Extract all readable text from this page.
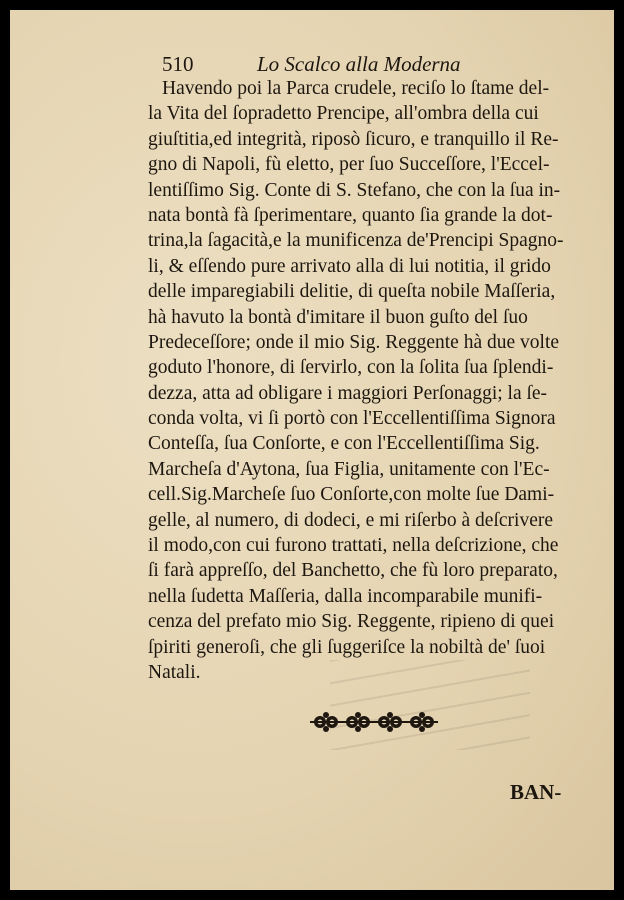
510	Lo Scalco alla Moderna
Havendo poi la Parca crudele, reciſo lo ſtame del-
la Vita del ſopradetto Prencipe, all'ombra della cui
giuſtitia,ed integrità, riposò ſicuro, e tranquillo il Re-
gno di Napoli, fù eletto, per ſuo Succeſſore, l'Eccel-
lentiſſimo Sig. Conte di S. Stefano, che con la ſua in-
nata bontà fà ſperimentare, quanto ſia grande la dot-
trina,la ſagacità,e la munificenza de'Prencipi Spagno-
li, & eſſendo pure arrivato alla di lui notitia, il grido
delle imparegiabili delitie, di queſta nobile Maſſeria,
hà havuto la bontà d'imitare il buon guſto del ſuo
Predeceſſore; onde il mio Sig. Reggente hà due volte
goduto l'honore, di ſervirlo, con la ſolita ſua ſplendi-
dezza, atta ad obligare i maggiori Perſonaggi; la ſe-
conda volta, vi ſi portò con l'Eccellentiſſima Signora
Conteſſa, ſua Conſorte, e con l'Eccellentiſſima Sig.
Marcheſa d'Aytona, ſua Figlia, unitamente con l'Ec-
cell.Sig.Marcheſe ſuo Conſorte,con molte ſue Dami-
gelle, al numero, di dodeci, e mi riſerbo à deſcrivere
il modo,con cui furono trattati, nella deſcrizione, che
ſi farà appreſſo, del Banchetto, che fù loro preparato,
nella ſudetta Maſſeria, dalla incomparabile munifi-
cenza del prefato mio Sig. Reggente, ripieno di quei
ſpiriti generoſi, che gli ſuggeriſce la nobiltà de' ſuoi
Natali.
BAN-
